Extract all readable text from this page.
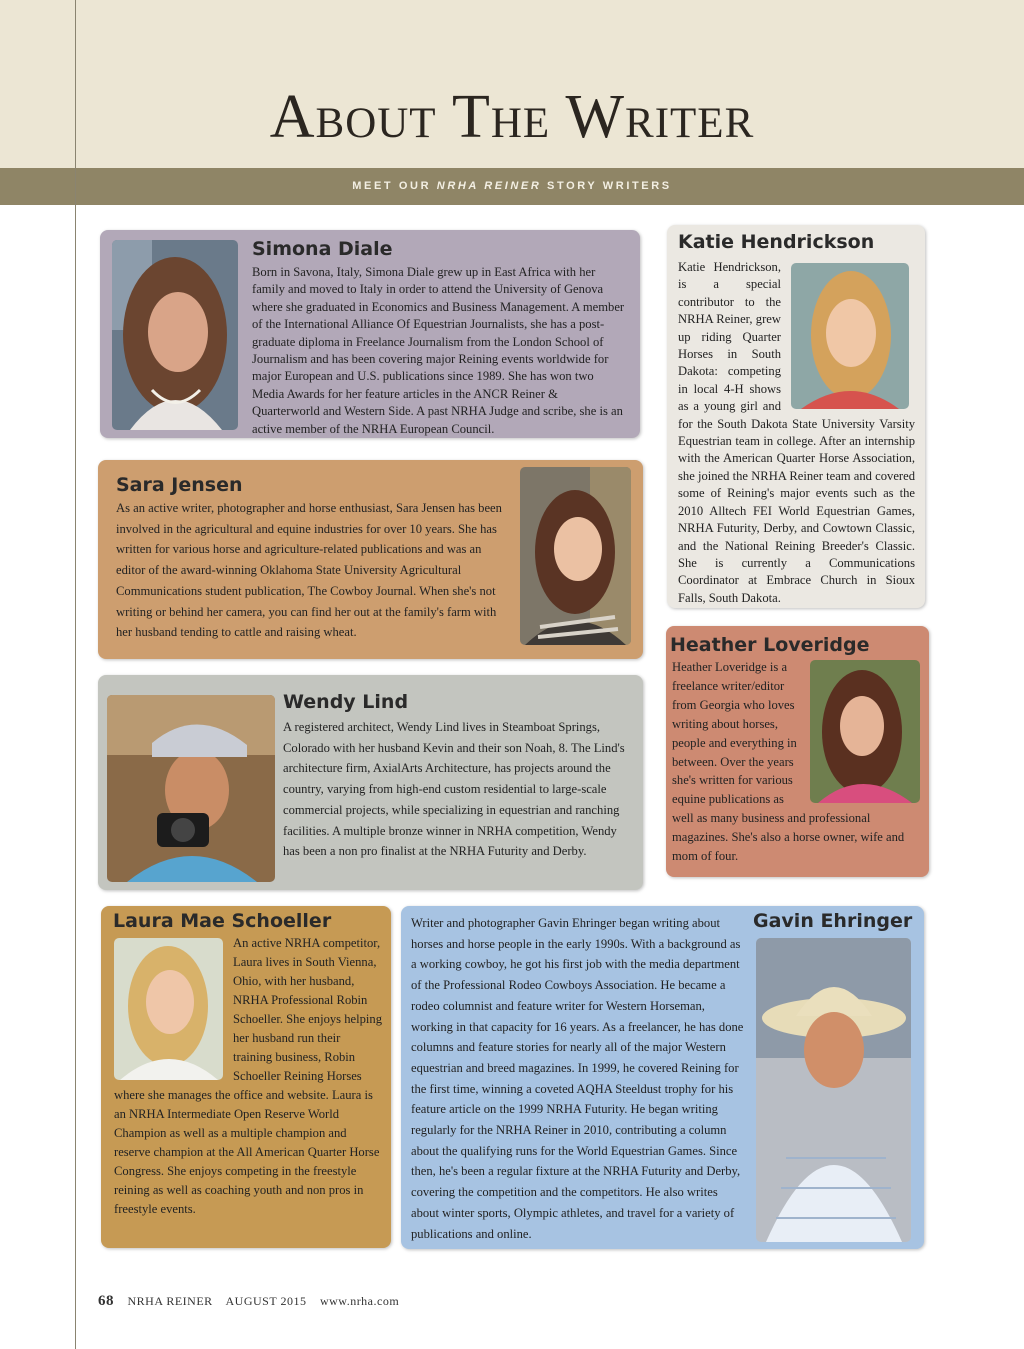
About The Writer
MEET OUR NRHA REINER STORY WRITERS
Simona Diale
Born in Savona, Italy, Simona Diale grew up in East Africa with her family and moved to Italy in order to attend the University of Genova where she graduated in Economics and Business Management. A member of the International Alliance Of Equestrian Journalists, she has a post-graduate diploma in Freelance Journalism from the London School of Journalism and has been covering major Reining events worldwide for major European and U.S. publications since 1989. She has won two Media Awards for her feature articles in the ANCR Reiner & Quarterworld and Western Side. A past NRHA Judge and scribe, she is an active member of the NRHA European Council.
Katie Hendrickson
Katie Hendrickson, is a special contributor to the NRHA Reiner, grew up riding Quarter Horses in South Dakota: competing in local 4-H shows as a young girl and for the South Dakota State University Varsity Equestrian team in college. After an internship with the American Quarter Horse Association, she joined the NRHA Reiner team and covered some of Reining's major events such as the 2010 Alltech FEI World Equestrian Games, NRHA Futurity, Derby, and Cowtown Classic, and the National Reining Breeder's Classic. She is currently a Communications Coordinator at Embrace Church in Sioux Falls, South Dakota.
Sara Jensen
As an active writer, photographer and horse enthusiast, Sara Jensen has been involved in the agricultural and equine industries for over 10 years. She has written for various horse and agriculture-related publications and was an editor of the award-winning Oklahoma State University Agricultural Communications student publication, The Cowboy Journal. When she's not writing or behind her camera, you can find her out at the family's farm with her husband tending to cattle and raising wheat.
Heather Loveridge
Heather Loveridge is a freelance writer/editor from Georgia who loves writing about horses, people and everything in between. Over the years she's written for various equine publications as well as many business and professional magazines. She's also a horse owner, wife and mom of four.
Wendy Lind
A registered architect, Wendy Lind lives in Steamboat Springs, Colorado with her husband Kevin and their son Noah, 8. The Lind's architecture firm, AxialArts Architecture, has projects around the country, varying from high-end custom residential to large-scale commercial projects, while specializing in equestrian and ranching facilities. A multiple bronze winner in NRHA competition, Wendy has been a non pro finalist at the NRHA Futurity and Derby.
Laura Mae Schoeller
An active NRHA competitor, Laura lives in South Vienna, Ohio, with her husband, NRHA Professional Robin Schoeller. She enjoys helping her husband run their training business, Robin Schoeller Reining Horses where she manages the office and website. Laura is an NRHA Intermediate Open Reserve World Champion as well as a multiple champion and reserve champion at the All American Quarter Horse Congress. She enjoys competing in the freestyle reining as well as coaching youth and non pros in freestyle events.
Writer and photographer Gavin Ehringer began writing about horses and horse people in the early 1990s. With a background as a working cowboy, he got his first job with the media department of the Professional Rodeo Cowboys Association. He became a rodeo columnist and feature writer for Western Horseman, working in that capacity for 16 years. As a freelancer, he has done columns and feature stories for nearly all of the major Western equestrian and breed magazines. In 1999, he covered Reining for the first time, winning a coveted AQHA Steeldust trophy for his feature article on the 1999 NRHA Futurity. He began writing regularly for the NRHA Reiner in 2010, contributing a column about the qualifying runs for the World Equestrian Games. Since then, he's been a regular fixture at the NRHA Futurity and Derby, covering the competition and the competitors. He also writes about winter sports, Olympic athletes, and travel for a variety of publications and online.
Gavin Ehringer
68 NRHA REINER AUGUST 2015 www.nrha.com
